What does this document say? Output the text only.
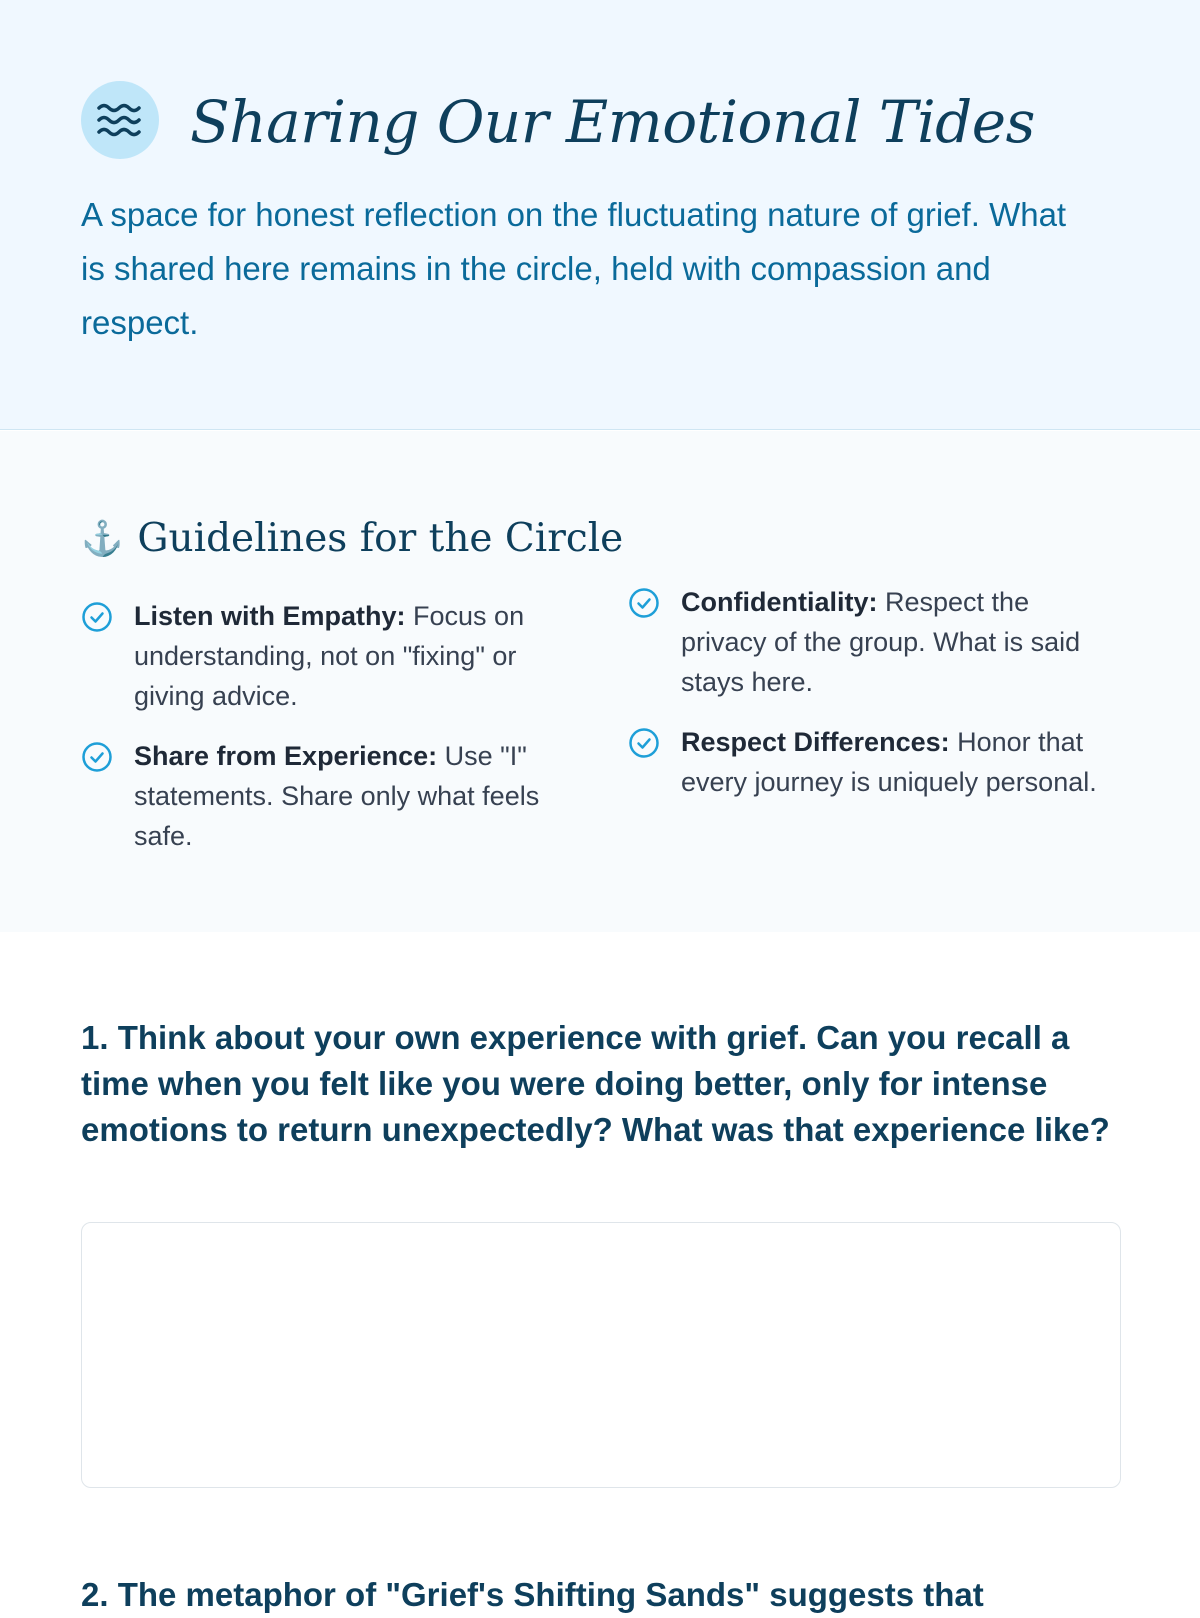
Sharing Our Emotional Tides

A space for honest reflection on the fluctuating nature of grief. What is shared here remains in the circle, held with compassion and respect.

⚓ Guidelines for the Circle
Listen with Empathy: Focus on understanding, not on "fixing" or giving advice.
Share from Experience: Use "I" statements. Share only what feels safe.
Confidentiality: Respect the privacy of the group. What is said stays here.
Respect Differences: Honor that every journey is uniquely personal.

1. Think about your own experience with grief. Can you recall a time when you felt like you were doing better, only for intense emotions to return unexpectedly? What was that experience like?

2. The metaphor of "Grief's Shifting Sands" suggests that
